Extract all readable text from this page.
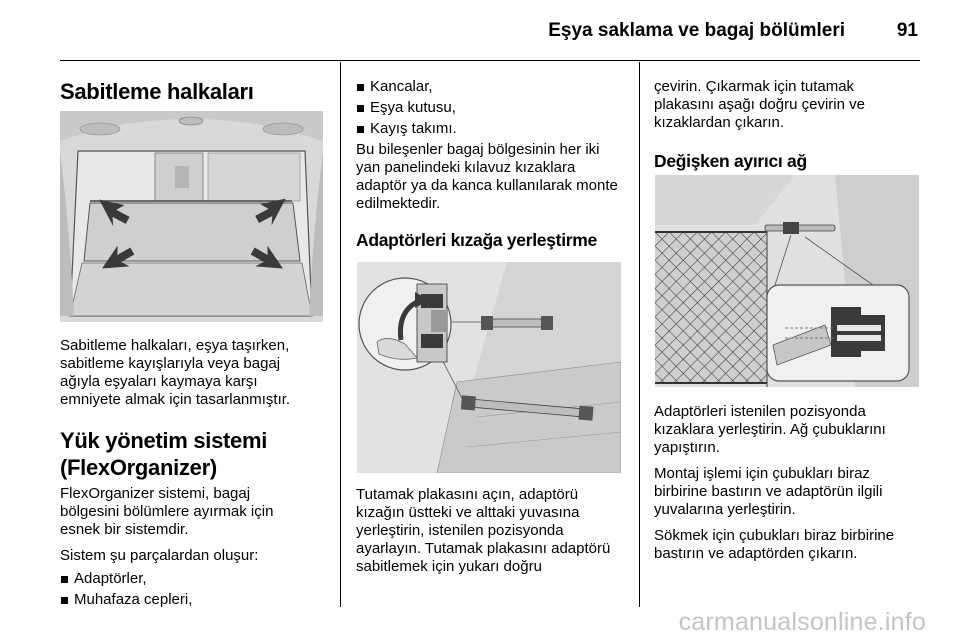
Eşya saklama ve bagaj bölümleri	91
Sabitleme halkaları

Sabitleme halkaları, eşya taşırken, sabitleme kayışlarıyla veya bagaj ağıyla eşyaları kaymaya karşı emniyete almak için tasarlanmıştır.

Yük yönetim sistemi
(FlexOrganizer)

FlexOrganizer sistemi, bagaj bölgesini bölümlere ayırmak için esnek bir sistemdir.

Sistem şu parçalardan oluşur:

Adaptörler,
Muhafaza cepleri,
Kancalar,
Eşya kutusu,
Kayış takımı.

Bu bileşenler bagaj bölgesinin her iki yan panelindeki kılavuz kızaklara adaptör ya da kanca kullanılarak monte edilmektedir.

Adaptörleri kızağa yerleştirme

Tutamak plakasını açın, adaptörü kızağın üstteki ve alttaki yuvasına yerleştirin, istenilen pozisyonda ayarlayın. Tutamak plakasını adaptörü sabitlemek için yukarı doğru

çevirin. Çıkarmak için tutamak plakasını aşağı doğru çevirin ve kızaklardan çıkarın.

Değişken ayırıcı ağ

Adaptörleri istenilen pozisyonda kızaklara yerleştirin. Ağ çubuklarını yapıştırın.

Montaj işlemi için çubukları biraz birbirine bastırın ve adaptörün ilgili yuvalarına yerleştirin.

Sökmek için çubukları biraz birbirine bastırın ve adaptörden çıkarın.

carmanualsonline.info
